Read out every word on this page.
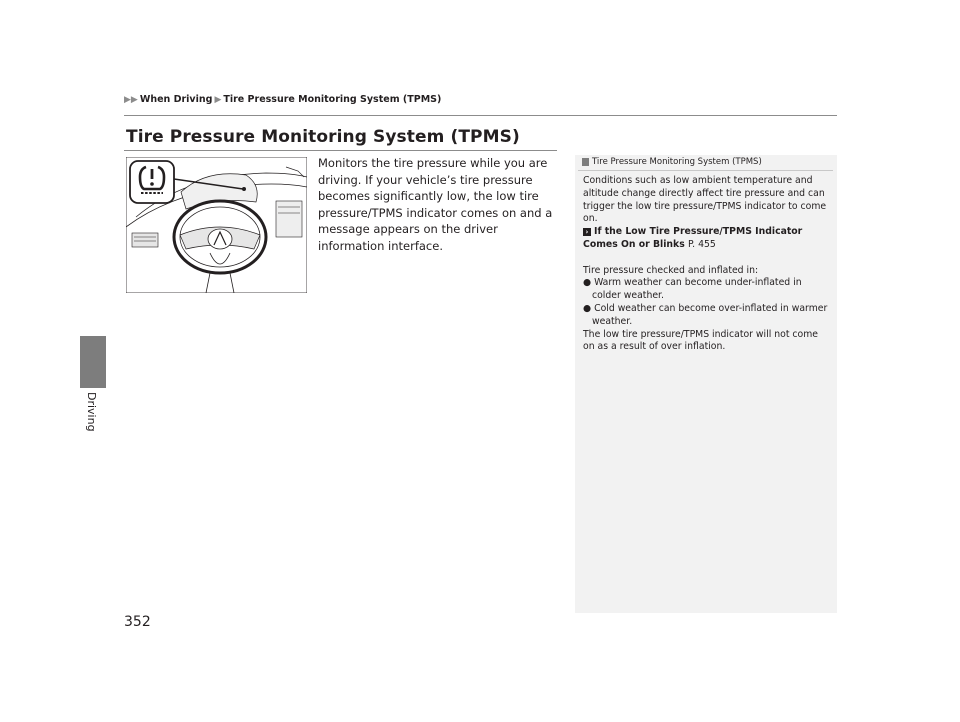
▶▶ When Driving ▶ Tire Pressure Monitoring System (TPMS)
Driving
Tire Pressure Monitoring System (TPMS)
Monitors the tire pressure while you are driving. If your vehicle’s tire pressure becomes significantly low, the low tire pressure/TPMS indicator comes on and a message appears on the driver information interface.
Tire Pressure Monitoring System (TPMS)

Conditions such as low ambient temperature and altitude change directly affect tire pressure and can trigger the low tire pressure/TPMS indicator to come on.

› If the Low Tire Pressure/TPMS Indicator

Comes On or Blinks P. 455

Tire pressure checked and inflated in:

● Warm weather can become under-inflated in colder weather.

● Cold weather can become over-inflated in warmer weather.

The low tire pressure/TPMS indicator will not come on as a result of over inflation.

352
